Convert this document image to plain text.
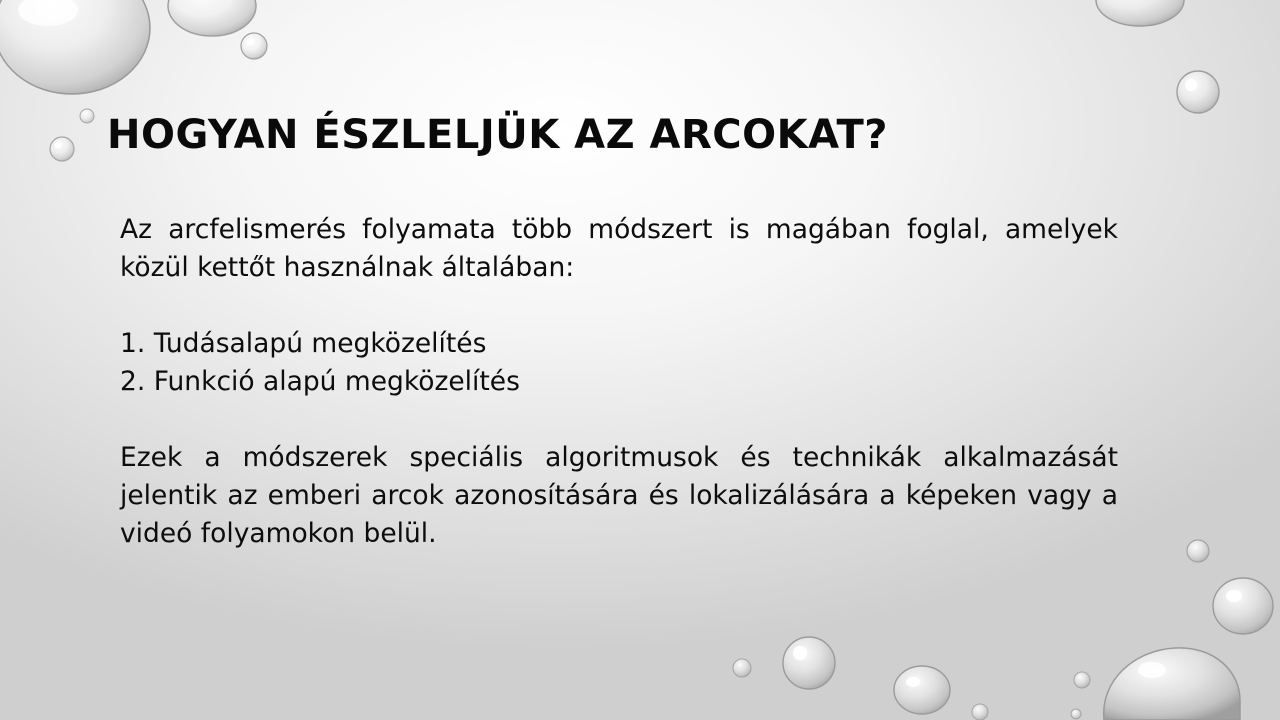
HOGYAN ÉSZLELJÜK AZ ARCOKAT?

Az arcfelismerés folyamata több módszert is magában foglal, amelyek közül kettőt használnak általában:

1. Tudásalapú megközelítés
2. Funkció alapú megközelítés

Ezek a módszerek speciális algoritmusok és technikák alkalmazását jelentik az emberi arcok azonosítására és lokalizálására a képeken vagy a videó folyamokon belül.
